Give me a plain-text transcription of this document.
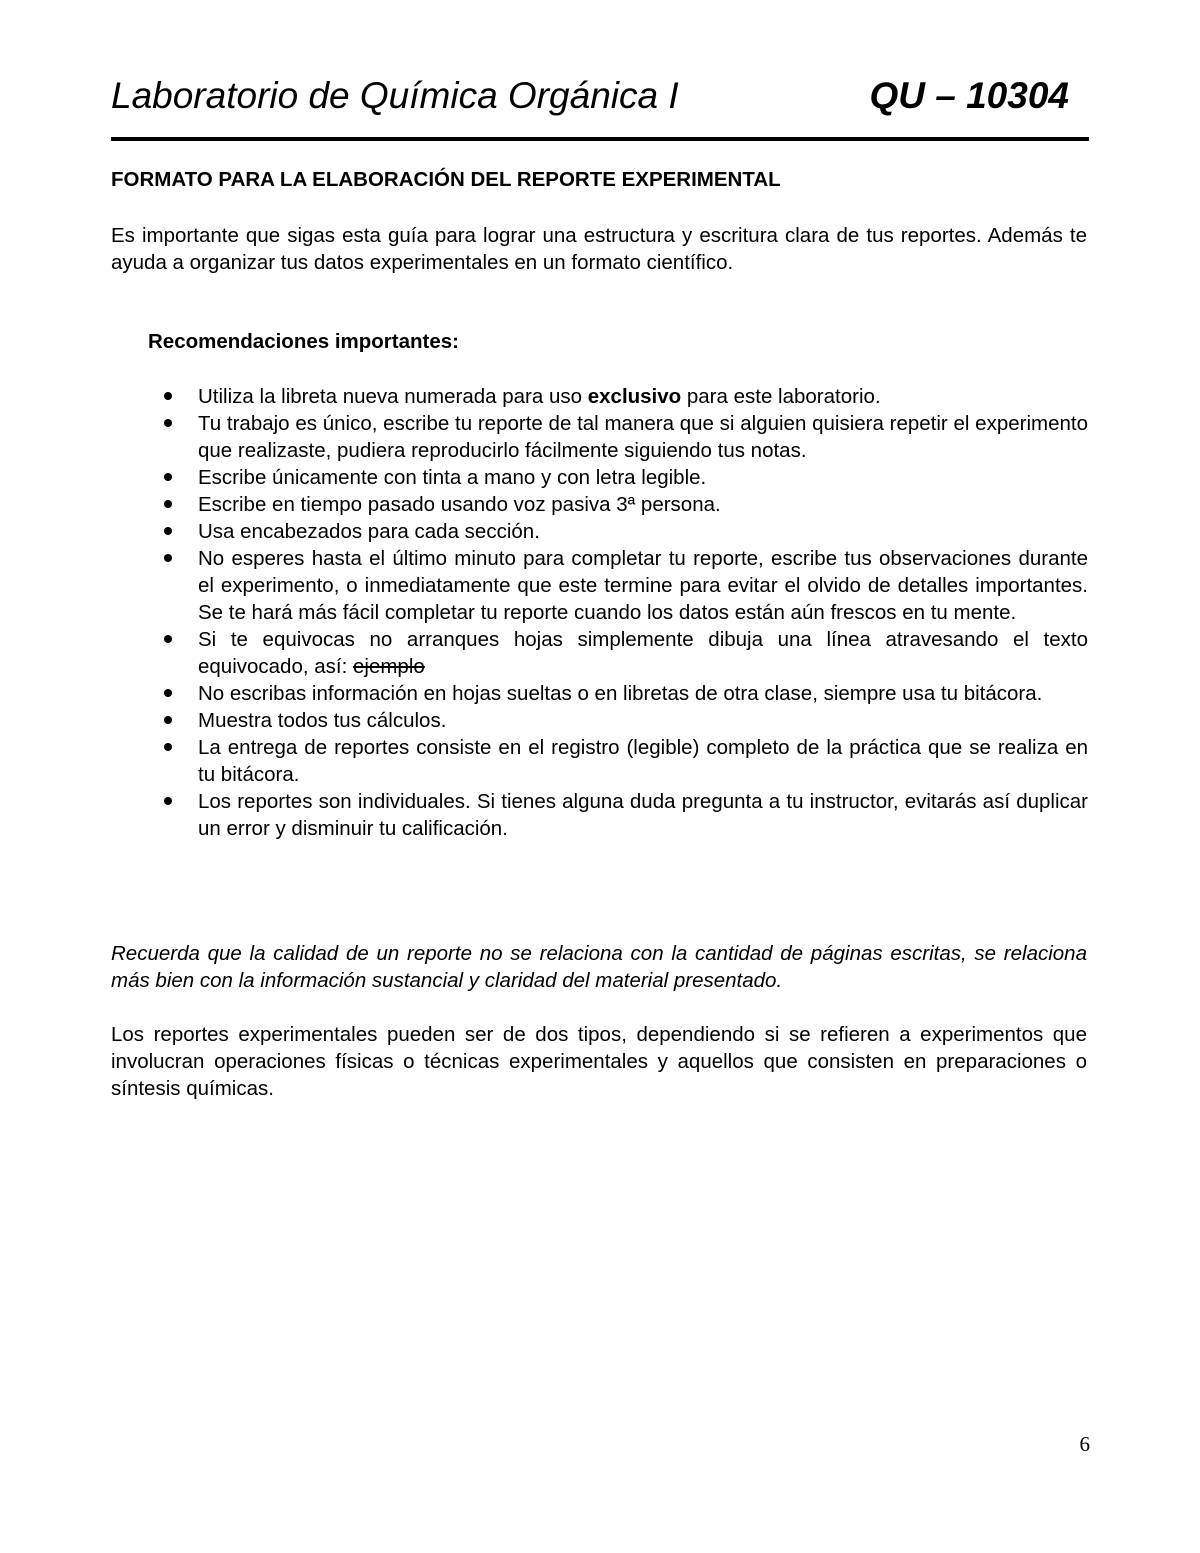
Laboratorio de Química Orgánica I	QU – 10304
FORMATO PARA LA ELABORACIÓN DEL REPORTE EXPERIMENTAL
Es importante que sigas esta guía para lograr una estructura y escritura clara de tus reportes. Además te ayuda a organizar tus datos experimentales en un formato científico.
Recomendaciones importantes:
Utiliza la libreta nueva numerada para uso exclusivo para este laboratorio.
Tu trabajo es único, escribe tu reporte de tal manera que si alguien quisiera repetir el experimento que realizaste, pudiera reproducirlo fácilmente siguiendo tus notas.
Escribe únicamente con tinta a mano y con letra legible.
Escribe en tiempo pasado usando voz pasiva 3ª persona.
Usa encabezados para cada sección.
No esperes hasta el último minuto para completar tu reporte, escribe tus observaciones durante el experimento, o inmediatamente que este termine para evitar el olvido de detalles importantes. Se te hará más fácil completar tu reporte cuando los datos están aún frescos en tu mente.
Si te equivocas no arranques hojas simplemente dibuja una línea atravesando el texto equivocado, así: ejemplo
No escribas información en hojas sueltas o en libretas de otra clase, siempre usa tu bitácora.
Muestra todos tus cálculos.
La entrega de reportes consiste en el registro (legible) completo de la práctica que se realiza en tu bitácora.
Los reportes son individuales. Si tienes alguna duda pregunta a tu instructor, evitarás así duplicar un error y disminuir tu calificación.
Recuerda que la calidad de un reporte no se relaciona con la cantidad de páginas escritas, se relaciona más bien con la información sustancial y claridad del material presentado.
Los reportes experimentales pueden ser de dos tipos, dependiendo si se refieren a experimentos que involucran operaciones físicas o técnicas experimentales y aquellos que consisten en preparaciones o síntesis químicas.
6
